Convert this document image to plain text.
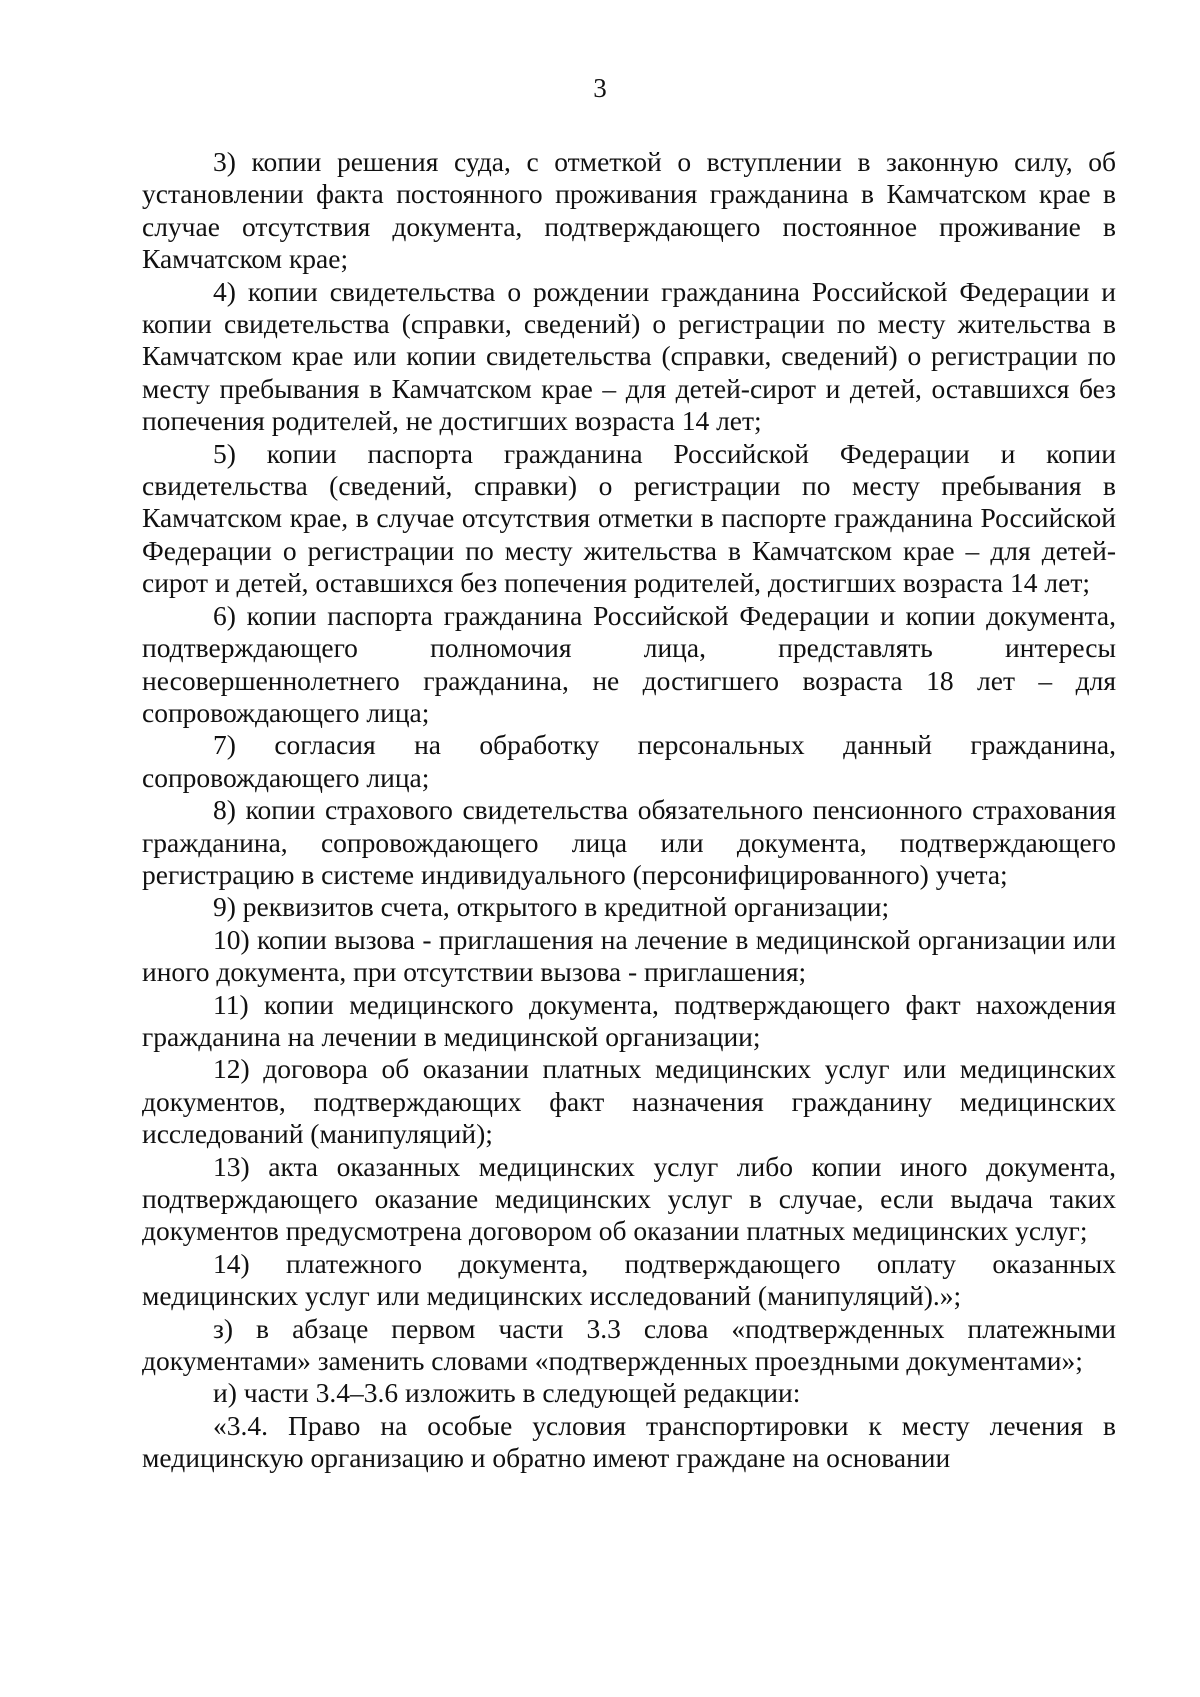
3

3) копии решения суда, с отметкой о вступлении в законную силу, об установлении факта постоянного проживания гражданина в Камчатском крае в случае отсутствия документа, подтверждающего постоянное проживание в Камчатском крае;

4) копии свидетельства о рождении гражданина Российской Федерации и копии свидетельства (справки, сведений) о регистрации по месту жительства в Камчатском крае или копии свидетельства (справки, сведений) о регистрации по месту пребывания в Камчатском крае – для детей-сирот и детей, оставшихся без попечения родителей, не достигших возраста 14 лет;

5) копии паспорта гражданина Российской Федерации и копии свидетельства (сведений, справки) о регистрации по месту пребывания в Камчатском крае, в случае отсутствия отметки в паспорте гражданина Российской Федерации о регистрации по месту жительства в Камчатском крае – для детей-сирот и детей, оставшихся без попечения родителей, достигших возраста 14 лет;

6) копии паспорта гражданина Российской Федерации и копии документа, подтверждающего полномочия лица, представлять интересы несовершеннолетнего гражданина, не достигшего возраста 18 лет – для сопровождающего лица;

7) согласия на обработку персональных данный гражданина, сопровождающего лица;

8) копии страхового свидетельства обязательного пенсионного страхования гражданина, сопровождающего лица или документа, подтверждающего регистрацию в системе индивидуального (персонифицированного) учета;

9) реквизитов счета, открытого в кредитной организации;

10) копии вызова - приглашения на лечение в медицинской организации или иного документа, при отсутствии вызова - приглашения;

11) копии медицинского документа, подтверждающего факт нахождения гражданина на лечении в медицинской организации;

12) договора об оказании платных медицинских услуг или медицинских документов, подтверждающих факт назначения гражданину медицинских исследований (манипуляций);

13) акта оказанных медицинских услуг либо копии иного документа, подтверждающего оказание медицинских услуг в случае, если выдача таких документов предусмотрена договором об оказании платных медицинских услуг;

14) платежного документа, подтверждающего оплату оказанных медицинских услуг или медицинских исследований (манипуляций).»;

з) в абзаце первом части 3.3 слова «подтвержденных платежными документами» заменить словами «подтвержденных проездными документами»;

и) части 3.4–3.6 изложить в следующей редакции:

«3.4. Право на особые условия транспортировки к месту лечения в медицинскую организацию и обратно имеют граждане на основании
